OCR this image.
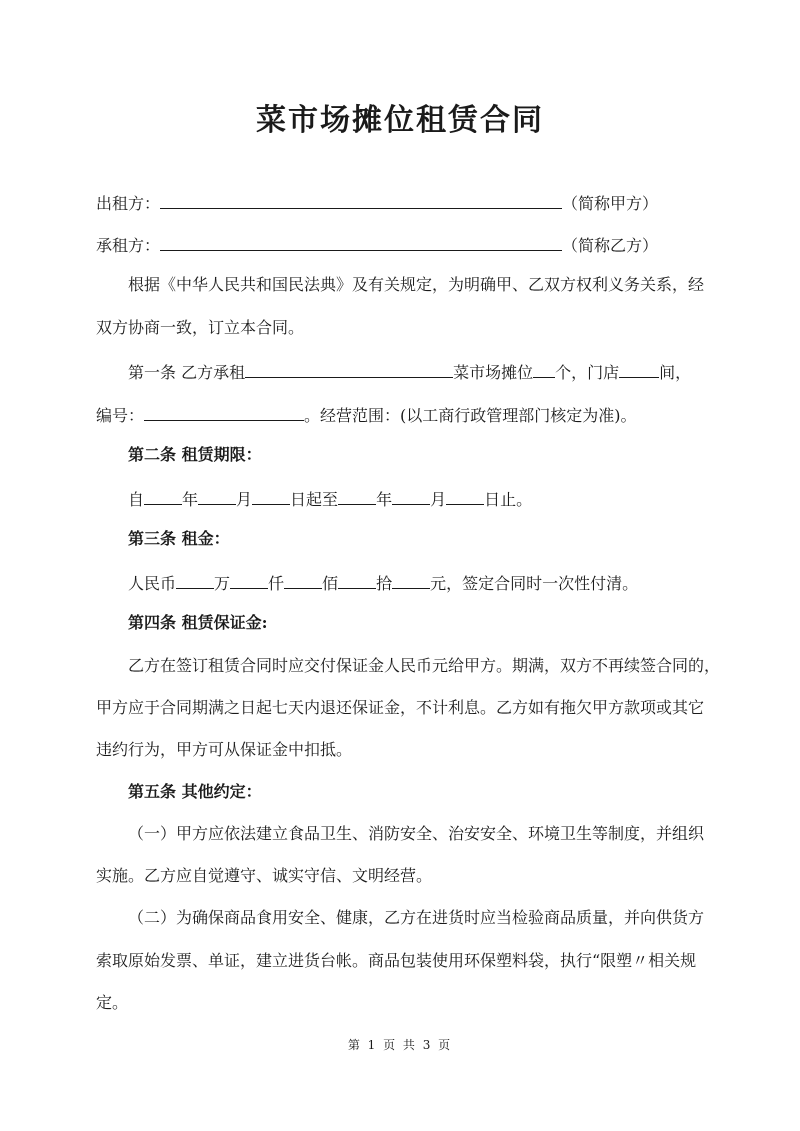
菜市场摊位租赁合同
出租方：	（简称甲方）
承租方：	（简称乙方）
根据《中华人民共和国民法典》及有关规定，为明确甲、乙双方权利义务关系，经
双方协商一致，订立本合同。
第一条 乙方承租	菜市场摊位 个，门店	间，
编号：	。经营范围：(以工商行政管理部门核定为准)。
第二条 租赁期限：
自 年 月 日起至 年 月 日止。
第三条 租金：
人民币 万 仟 佰 拾 元，签定合同时一次性付清。
第四条 租赁保证金:
乙方在签订租赁合同时应交付保证金人民币元给甲方。期满，双方不再续签合同的，
甲方应于合同期满之日起七天内退还保证金，不计利息。乙方如有拖欠甲方款项或其它
违约行为，甲方可从保证金中扣抵。
第五条 其他约定：
（一）甲方应依法建立食品卫生、消防安全、治安安全、环境卫生等制度，并组织
实施。乙方应自觉遵守、诚实守信、文明经营。
（二）为确保商品食用安全、健康，乙方在进货时应当检验商品质量，并向供货方
索取原始发票、单证，建立进货台帐。商品包装使用环保塑料袋，执行“限塑〃相关规
定。
第 1 页 共 3 页
